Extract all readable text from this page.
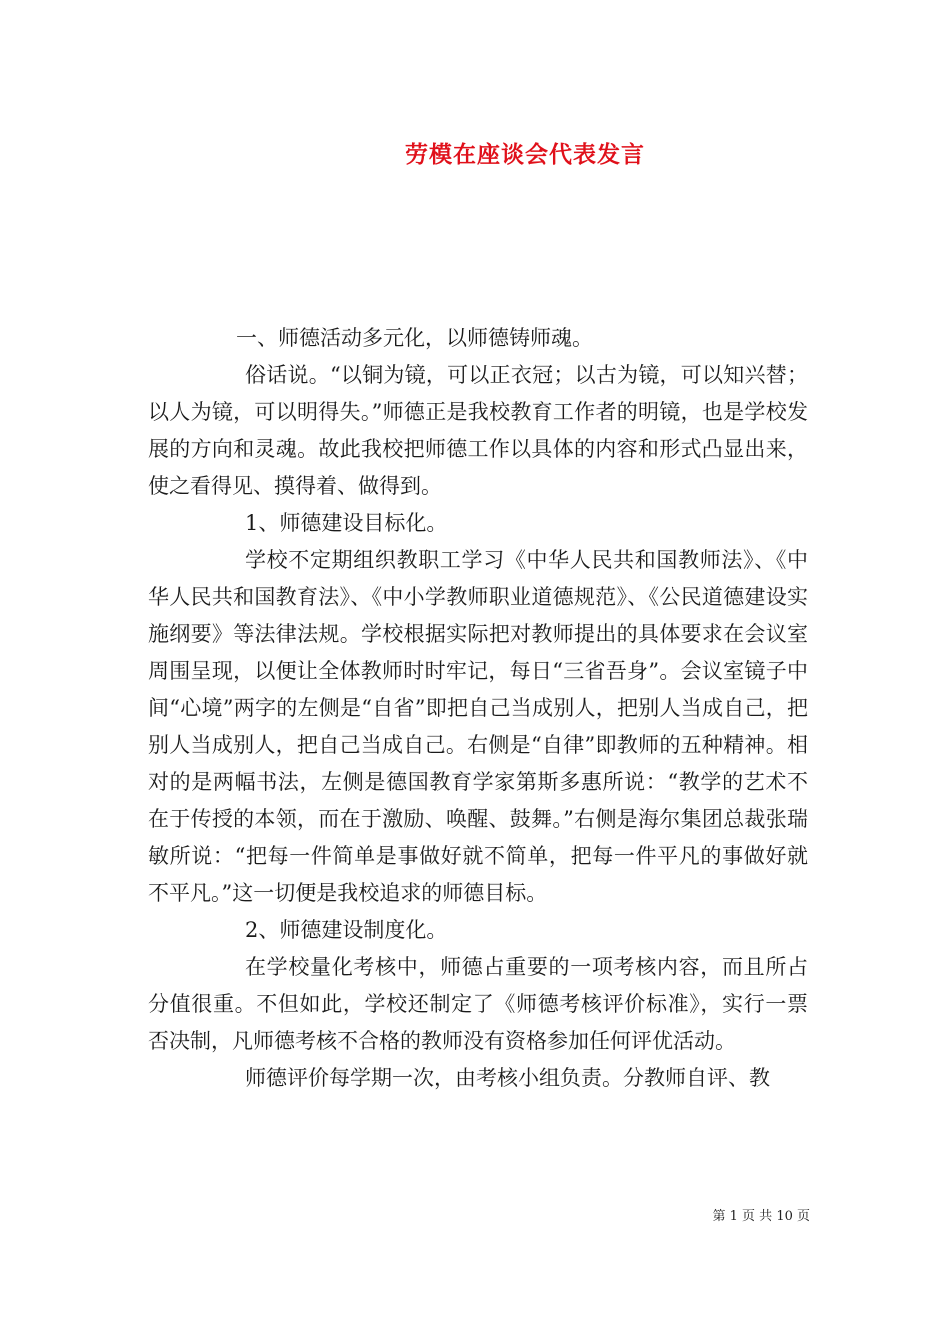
劳模在座谈会代表发言

一、师德活动多元化，以师德铸师魂。

俗话说。“以铜为镜，可以正衣冠；以古为镜，可以知兴替；以人为镜，可以明得失。”师德正是我校教育工作者的明镜，也是学校发展的方向和灵魂。故此我校把师德工作以具体的内容和形式凸显出来，使之看得见、摸得着、做得到。

1、师德建设目标化。

学校不定期组织教职工学习《中华人民共和国教师法》、《中华人民共和国教育法》、《中小学教师职业道德规范》、《公民道德建设实施纲要》等法律法规。学校根据实际把对教师提出的具体要求在会议室周围呈现，以便让全体教师时时牢记，每日“三省吾身”。会议室镜子中间“心境”两字的左侧是“自省”即把自己当成别人，把别人当成自己，把别人当成别人，把自己当成自己。右侧是“自律”即教师的五种精神。相对的是两幅书法，左侧是德国教育学家第斯多惠所说：“教学的艺术不在于传授的本领，而在于激励、唤醒、鼓舞。”右侧是海尔集团总裁张瑞敏所说：“把每一件简单是事做好就不简单，把每一件平凡的事做好就不平凡。”这一切便是我校追求的师德目标。

2、师德建设制度化。

在学校量化考核中，师德占重要的一项考核内容，而且所占分值很重。不但如此，学校还制定了《师德考核评价标准》，实行一票否决制，凡师德考核不合格的教师没有资格参加任何评优活动。

师德评价每学期一次，由考核小组负责。分教师自评、教

第 1 页 共 10 页
